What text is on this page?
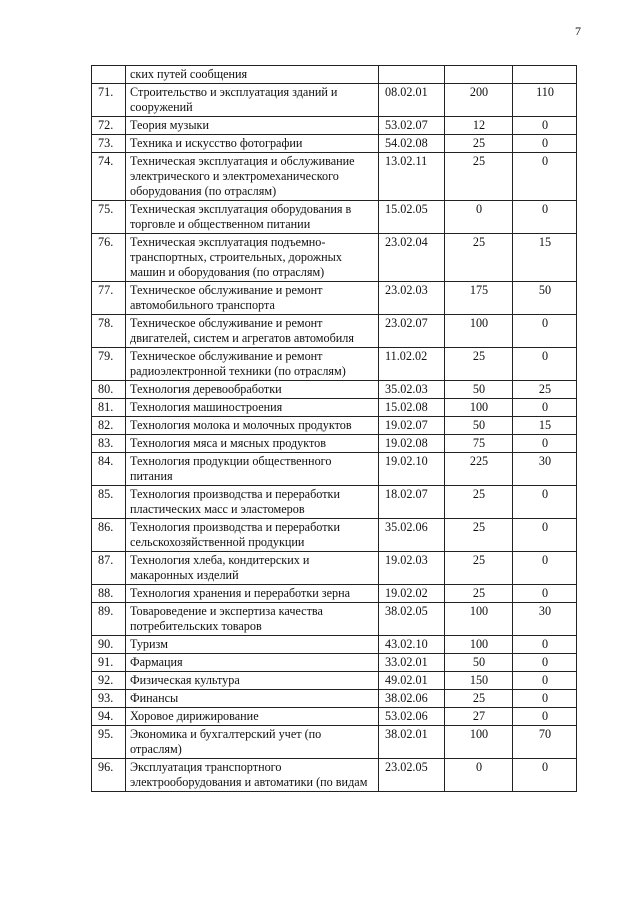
7
	ских путей сообщения			
71.	Строительство и эксплуатация зданий и сооружений	08.02.01	200	110
72.	Теория музыки	53.02.07	12	0
73.	Техника и искусство фотографии	54.02.08	25	0
74.	Техническая эксплуатация и обслуживание электрического и электромеханического оборудования (по отраслям)	13.02.11	25	0
75.	Техническая эксплуатация оборудования в торговле и общественном питании	15.02.05	0	0
76.	Техническая эксплуатация подъемно-транспортных, строительных, дорожных машин и оборудования (по отраслям)	23.02.04	25	15
77.	Техническое обслуживание и ремонт автомобильного транспорта	23.02.03	175	50
78.	Техническое обслуживание и ремонт двигателей, систем и агрегатов автомобиля	23.02.07	100	0
79.	Техническое обслуживание и ремонт радиоэлектронной техники (по отраслям)	11.02.02	25	0
80.	Технология деревообработки	35.02.03	50	25
81.	Технология машиностроения	15.02.08	100	0
82.	Технология молока и молочных продуктов	19.02.07	50	15
83.	Технология мяса и мясных продуктов	19.02.08	75	0
84.	Технология продукции общественного питания	19.02.10	225	30
85.	Технология производства и переработки пластических масс и эластомеров	18.02.07	25	0
86.	Технология производства и переработки сельскохозяйственной продукции	35.02.06	25	0
87.	Технология хлеба, кондитерских и макаронных изделий	19.02.03	25	0
88.	Технология хранения и переработки зерна	19.02.02	25	0
89.	Товароведение и экспертиза качества потребительских товаров	38.02.05	100	30
90.	Туризм	43.02.10	100	0
91.	Фармация	33.02.01	50	0
92.	Физическая культура	49.02.01	150	0
93.	Финансы	38.02.06	25	0
94.	Хоровое дирижирование	53.02.06	27	0
95.	Экономика и бухгалтерский учет (по отраслям)	38.02.01	100	70
96.	Эксплуатация транспортного электрооборудования и автоматики (по видам	23.02.05	0	0
